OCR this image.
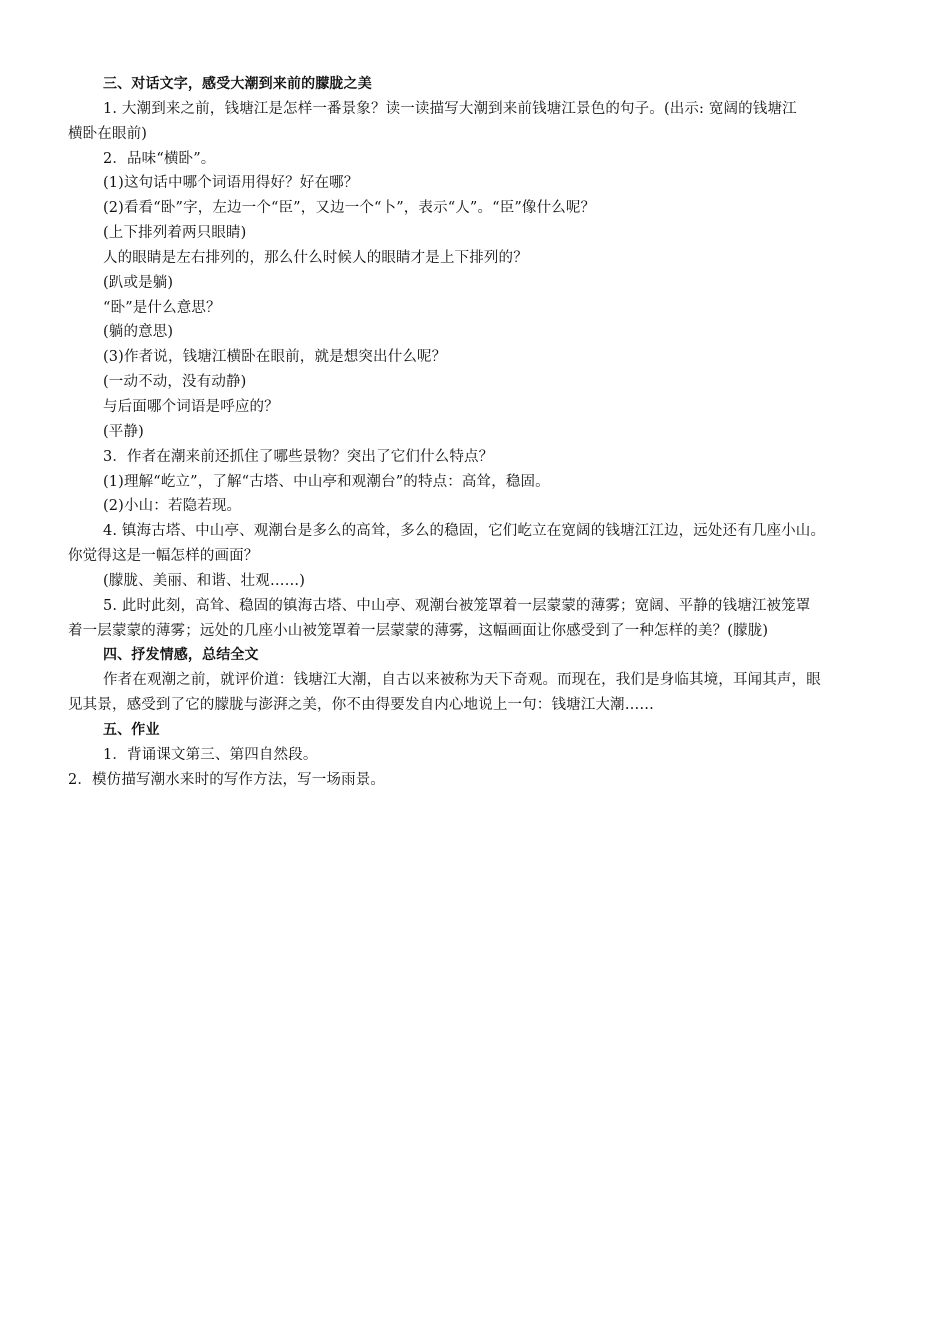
三、对话文字，感受大潮到来前的朦胧之美
1. 大潮到来之前，钱塘江是怎样一番景象？读一读描写大潮到来前钱塘江景色的句子。(出示: 宽阔的钱塘江
横卧在眼前)
2．品味“横卧”。
(1)这句话中哪个词语用得好？好在哪？
(2)看看“卧”字，左边一个“臣”，又边一个“卜”，表示“人”。“臣”像什么呢？
(上下排列着两只眼睛)
人的眼睛是左右排列的，那么什么时候人的眼睛才是上下排列的？
(趴或是躺)
“卧”是什么意思？
(躺的意思)
(3)作者说，钱塘江横卧在眼前，就是想突出什么呢？
(一动不动，没有动静)
与后面哪个词语是呼应的？
(平静)
3．作者在潮来前还抓住了哪些景物？突出了它们什么特点？
(1)理解“屹立”，了解“古塔、中山亭和观潮台”的特点：高耸，稳固。
(2)小山：若隐若现。
4. 镇海古塔、中山亭、观潮台是多么的高耸，多么的稳固，它们屹立在宽阔的钱塘江江边，远处还有几座小山。
你觉得这是一幅怎样的画面？
(朦胧、美丽、和谐、壮观……)
5. 此时此刻，高耸、稳固的镇海古塔、中山亭、观潮台被笼罩着一层蒙蒙的薄雾；宽阔、平静的钱塘江被笼罩
着一层蒙蒙的薄雾；远处的几座小山被笼罩着一层蒙蒙的薄雾，这幅画面让你感受到了一种怎样的美？(朦胧)
四、抒发情感，总结全文
作者在观潮之前，就评价道：钱塘江大潮，自古以来被称为天下奇观。而现在，我们是身临其境，耳闻其声，眼
见其景，感受到了它的朦胧与澎湃之美，你不由得要发自内心地说上一句：钱塘江大潮……
五、作业
1．背诵课文第三、第四自然段。
2．模仿描写潮水来时的写作方法，写一场雨景。
